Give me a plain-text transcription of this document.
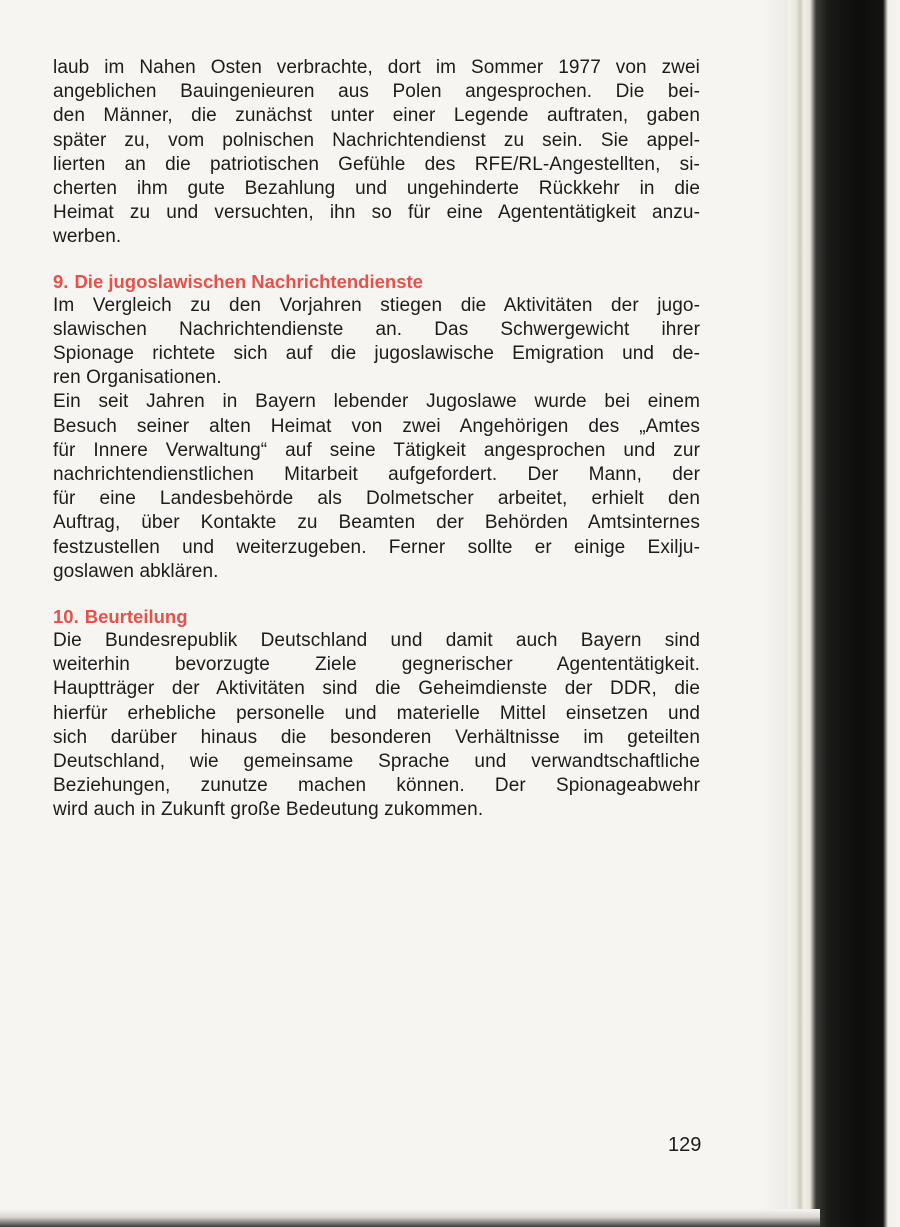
laub im Nahen Osten verbrachte, dort im Sommer 1977 von zwei
angeblichen Bauingenieuren aus Polen angesprochen. Die bei-
den Männer, die zunächst unter einer Legende auftraten, gaben
später zu, vom polnischen Nachrichtendienst zu sein. Sie appel-
lierten an die patriotischen Gefühle des RFE/RL-Angestellten, si-
cherten ihm gute Bezahlung und ungehinderte Rückkehr in die
Heimat zu und versuchten, ihn so für eine Agententätigkeit anzu-
werben.
9. Die jugoslawischen Nachrichtendienste
Im Vergleich zu den Vorjahren stiegen die Aktivitäten der jugo-
slawischen Nachrichtendienste an. Das Schwergewicht ihrer
Spionage richtete sich auf die jugoslawische Emigration und de-
ren Organisationen.
Ein seit Jahren in Bayern lebender Jugoslawe wurde bei einem
Besuch seiner alten Heimat von zwei Angehörigen des „Amtes
für Innere Verwaltung“ auf seine Tätigkeit angesprochen und zur
nachrichtendienstlichen Mitarbeit aufgefordert. Der Mann, der
für eine Landesbehörde als Dolmetscher arbeitet, erhielt den
Auftrag, über Kontakte zu Beamten der Behörden Amtsinternes
festzustellen und weiterzugeben. Ferner sollte er einige Exilju-
goslawen abklären.
10. Beurteilung
Die Bundesrepublik Deutschland und damit auch Bayern sind
weiterhin bevorzugte Ziele gegnerischer Agententätigkeit.
Hauptträger der Aktivitäten sind die Geheimdienste der DDR, die
hierfür erhebliche personelle und materielle Mittel einsetzen und
sich darüber hinaus die besonderen Verhältnisse im geteilten
Deutschland, wie gemeinsame Sprache und verwandtschaftliche
Beziehungen, zunutze machen können. Der Spionageabwehr
wird auch in Zukunft große Bedeutung zukommen.
129
